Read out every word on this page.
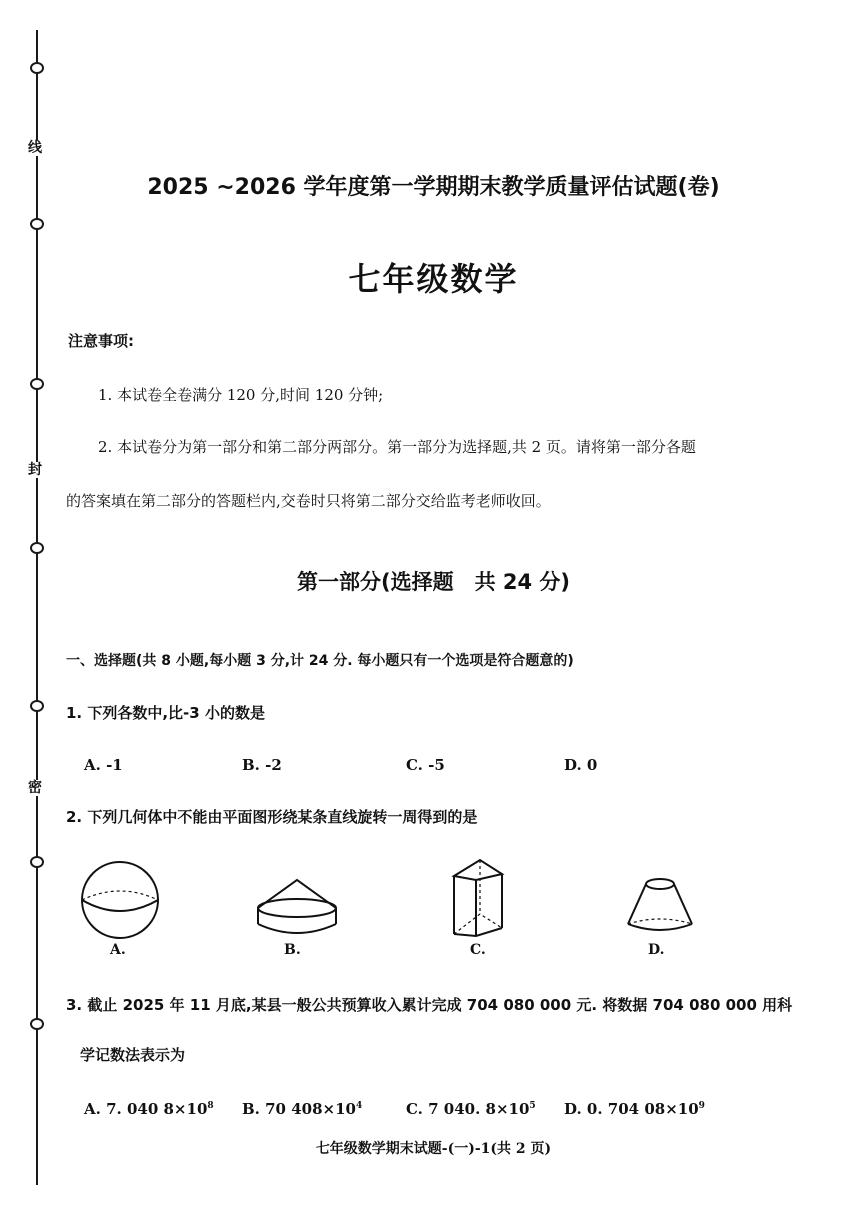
线
封
密
2025 ~2026 学年度第一学期期末教学质量评估试题(卷)
七年级数学
注意事项:
1. 本试卷全卷满分 120 分,时间 120 分钟;
2. 本试卷分为第一部分和第二部分两部分。第一部分为选择题,共 2 页。请将第一部分各题
的答案填在第二部分的答题栏内,交卷时只将第二部分交给监考老师收回。
第一部分(选择题　共 24 分)
一、选择题(共 8 小题,每小题 3 分,计 24 分. 每小题只有一个选项是符合题意的)
1. 下列各数中,比-3 小的数是
A. -1	B. -2	C. -5	D. 0
2. 下列几何体中不能由平面图形绕某条直线旋转一周得到的是
A.	B.	C.	D.
3. 截止 2025 年 11 月底,某县一般公共预算收入累计完成 704 080 000 元. 将数据 704 080 000 用科
学记数法表示为
A. 7. 040 $8\times 10^8$ B. 70 $408\times 10^4$	C. 7 040. $8\times 10^5$ D. 0. 704 $08\times 10^9$
七年级数学期末试题-(一)-1(共 2 页)
